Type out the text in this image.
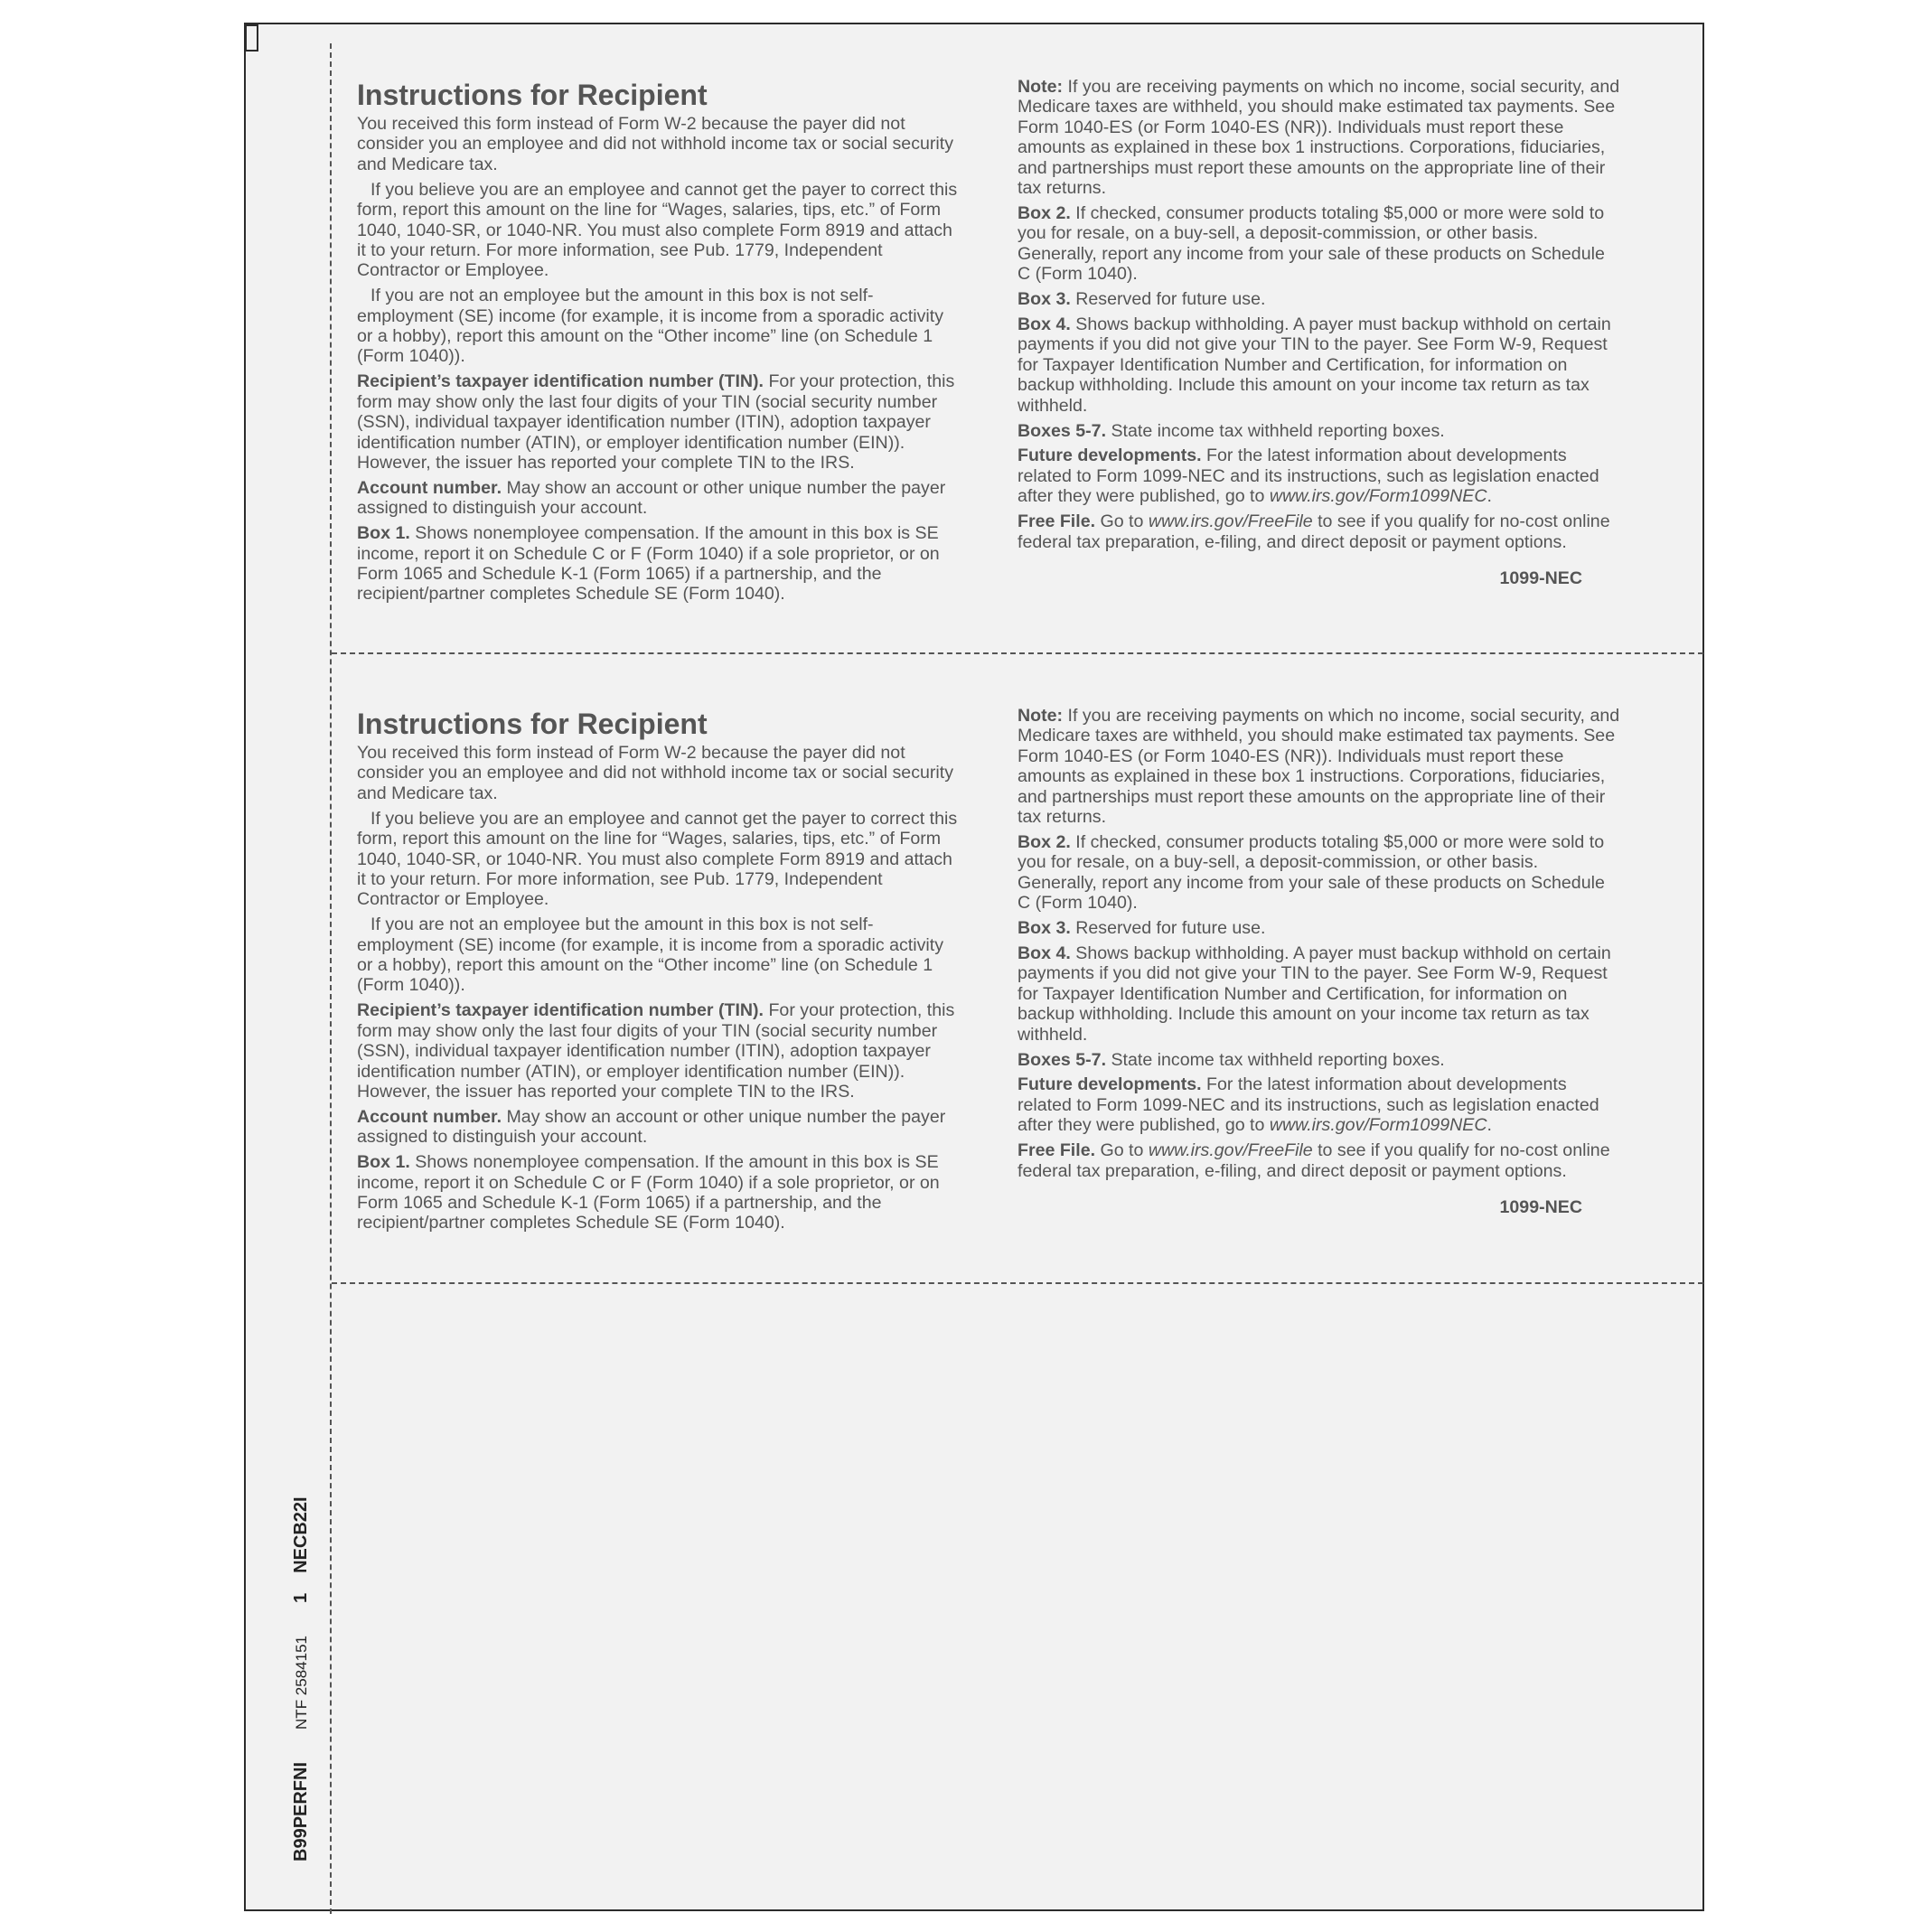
B99PERFNI
NTF 2584151
1
NECB22I
Instructions for Recipient

You received this form instead of Form W-2 because the payer did not consider you an employee and did not withhold income tax or social security and Medicare tax.

If you believe you are an employee and cannot get the payer to correct this form, report this amount on the line for “Wages, salaries, tips, etc.” of Form 1040, 1040-SR, or 1040-NR. You must also complete Form 8919 and attach it to your return. For more information, see Pub. 1779, Independent Contractor or Employee.

If you are not an employee but the amount in this box is not self-employment (SE) income (for example, it is income from a sporadic activity or a hobby), report this amount on the “Other income” line (on Schedule 1 (Form 1040)).

Recipient’s taxpayer identification number (TIN). For your protection, this form may show only the last four digits of your TIN (social security number (SSN), individual taxpayer identification number (ITIN), adoption taxpayer identification number (ATIN), or employer identification number (EIN)). However, the issuer has reported your complete TIN to the IRS.

Account number. May show an account or other unique number the payer assigned to distinguish your account.

Box 1. Shows nonemployee compensation. If the amount in this box is SE income, report it on Schedule C or F (Form 1040) if a sole proprietor, or on Form 1065 and Schedule K-1 (Form 1065) if a partnership, and the recipient/partner completes Schedule SE (Form 1040).

Note: If you are receiving payments on which no income, social security, and Medicare taxes are withheld, you should make estimated tax payments. See Form 1040-ES (or Form 1040-ES (NR)). Individuals must report these amounts as explained in these box 1 instructions. Corporations, fiduciaries, and partnerships must report these amounts on the appropriate line of their tax returns.

Box 2. If checked, consumer products totaling $5,000 or more were sold to you for resale, on a buy-sell, a deposit-commission, or other basis. Generally, report any income from your sale of these products on Schedule C (Form 1040).

Box 3. Reserved for future use.

Box 4. Shows backup withholding. A payer must backup withhold on certain payments if you did not give your TIN to the payer. See Form W-9, Request for Taxpayer Identification Number and Certification, for information on backup withholding. Include this amount on your income tax return as tax withheld.

Boxes 5-7. State income tax withheld reporting boxes.

Future developments. For the latest information about developments related to Form 1099-NEC and its instructions, such as legislation enacted after they were published, go to www.irs.gov/Form1099NEC.

Free File. Go to www.irs.gov/FreeFile to see if you qualify for no-cost online federal tax preparation, e-filing, and direct deposit or payment options.

1099-NEC
Instructions for Recipient

You received this form instead of Form W-2 because the payer did not consider you an employee and did not withhold income tax or social security and Medicare tax.

If you believe you are an employee and cannot get the payer to correct this form, report this amount on the line for “Wages, salaries, tips, etc.” of Form 1040, 1040-SR, or 1040-NR. You must also complete Form 8919 and attach it to your return. For more information, see Pub. 1779, Independent Contractor or Employee.

If you are not an employee but the amount in this box is not self-employment (SE) income (for example, it is income from a sporadic activity or a hobby), report this amount on the “Other income” line (on Schedule 1 (Form 1040)).

Recipient’s taxpayer identification number (TIN). For your protection, this form may show only the last four digits of your TIN (social security number (SSN), individual taxpayer identification number (ITIN), adoption taxpayer identification number (ATIN), or employer identification number (EIN)). However, the issuer has reported your complete TIN to the IRS.

Account number. May show an account or other unique number the payer assigned to distinguish your account.

Box 1. Shows nonemployee compensation. If the amount in this box is SE income, report it on Schedule C or F (Form 1040) if a sole proprietor, or on Form 1065 and Schedule K-1 (Form 1065) if a partnership, and the recipient/partner completes Schedule SE (Form 1040).

Note: If you are receiving payments on which no income, social security, and Medicare taxes are withheld, you should make estimated tax payments. See Form 1040-ES (or Form 1040-ES (NR)). Individuals must report these amounts as explained in these box 1 instructions. Corporations, fiduciaries, and partnerships must report these amounts on the appropriate line of their tax returns.

Box 2. If checked, consumer products totaling $5,000 or more were sold to you for resale, on a buy-sell, a deposit-commission, or other basis. Generally, report any income from your sale of these products on Schedule C (Form 1040).

Box 3. Reserved for future use.

Box 4. Shows backup withholding. A payer must backup withhold on certain payments if you did not give your TIN to the payer. See Form W-9, Request for Taxpayer Identification Number and Certification, for information on backup withholding. Include this amount on your income tax return as tax withheld.

Boxes 5-7. State income tax withheld reporting boxes.

Future developments. For the latest information about developments related to Form 1099-NEC and its instructions, such as legislation enacted after they were published, go to www.irs.gov/Form1099NEC.

Free File. Go to www.irs.gov/FreeFile to see if you qualify for no-cost online federal tax preparation, e-filing, and direct deposit or payment options.

1099-NEC
